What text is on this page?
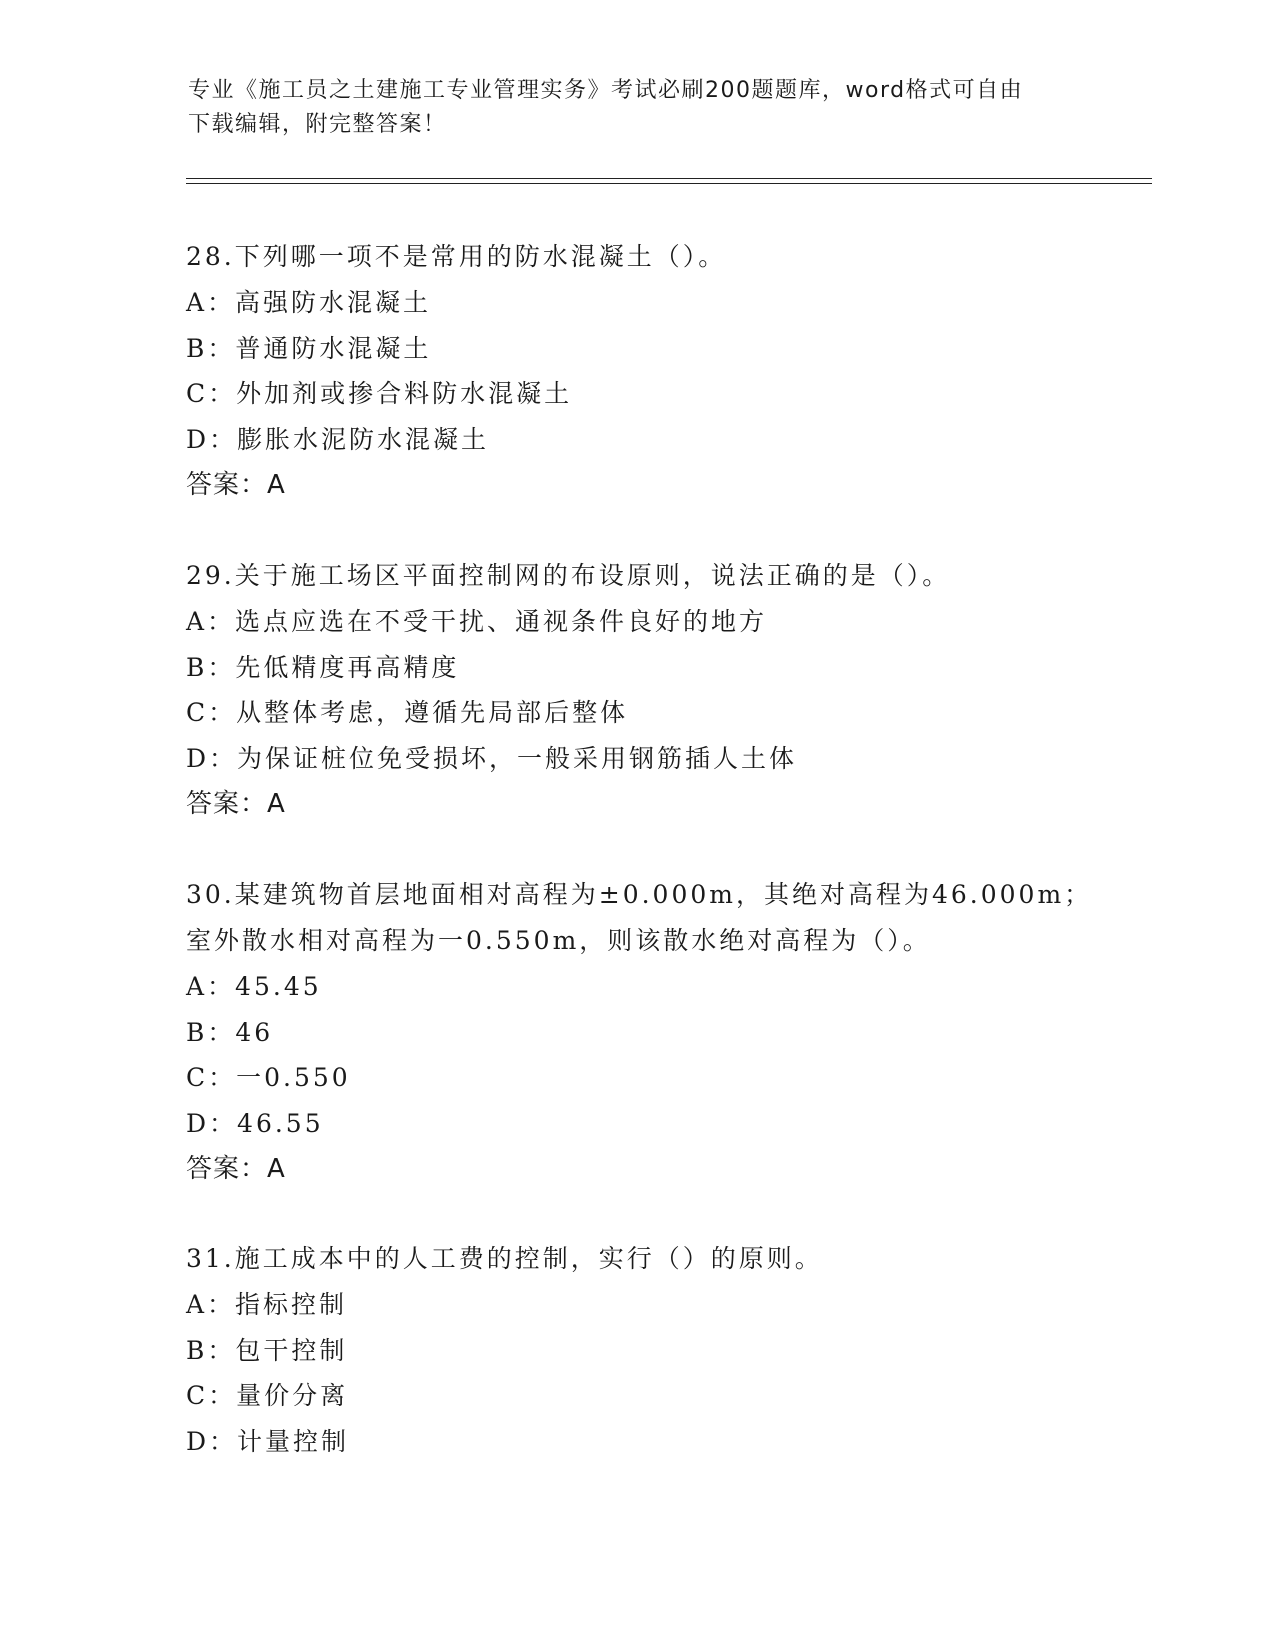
专业《施工员之土建施工专业管理实务》考试必刷200题题库，word格式可自由
下载编辑，附完整答案！

28.下列哪一项不是常用的防水混凝土（）。

A：高强防水混凝土

B：普通防水混凝土

C：外加剂或掺合料防水混凝土

D：膨胀水泥防水混凝土

答案：A

29.关于施工场区平面控制网的布设原则，说法正确的是（）。

A：选点应选在不受干扰、通视条件良好的地方

B：先低精度再高精度

C：从整体考虑，遵循先局部后整体

D：为保证桩位免受损坏，一般采用钢筋插人土体

答案：A

30.某建筑物首层地面相对高程为±0.000m，其绝对高程为46.000m；

室外散水相对高程为一0.550m，则该散水绝对高程为（）。

A：45.45

B：46

C：一0.550

D：46.55

答案：A

31.施工成本中的人工费的控制，实行（）的原则。

A：指标控制

B：包干控制

C：量价分离

D：计量控制
